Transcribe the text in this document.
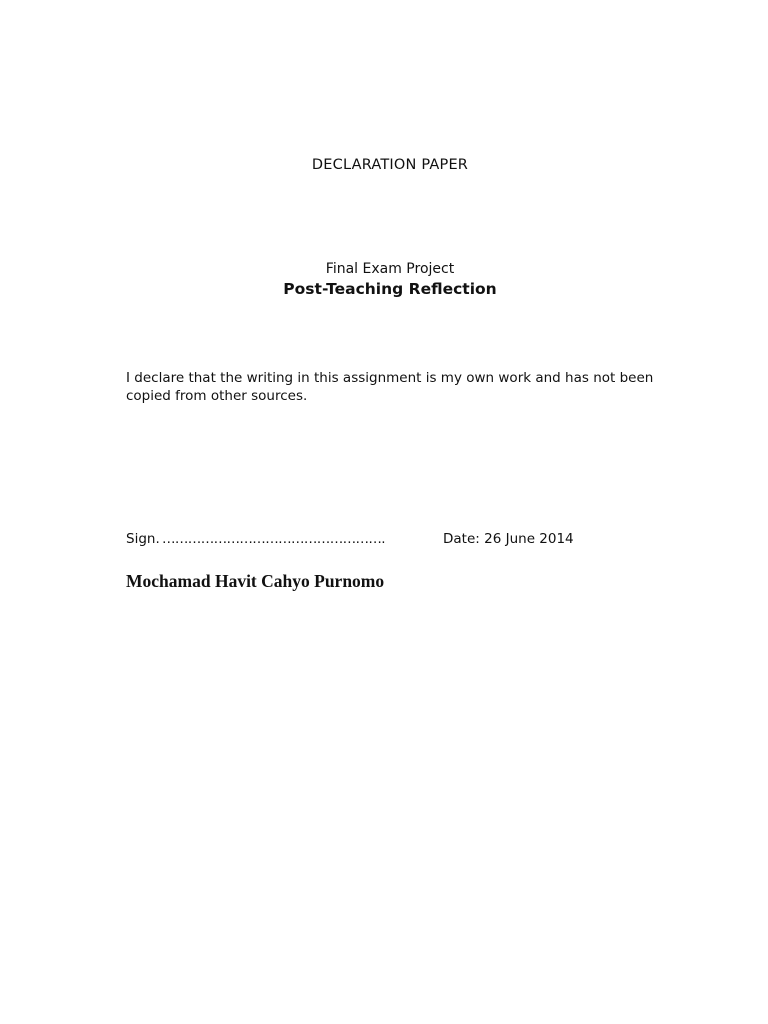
DECLARATION PAPER
Final Exam Project
Post-Teaching Reflection
I declare that the writing in this assignment is my own work and has not been copied from other sources.
Sign. …………………………………………….	Date: 26 June 2014
Mochamad Havit Cahyo Purnomo
